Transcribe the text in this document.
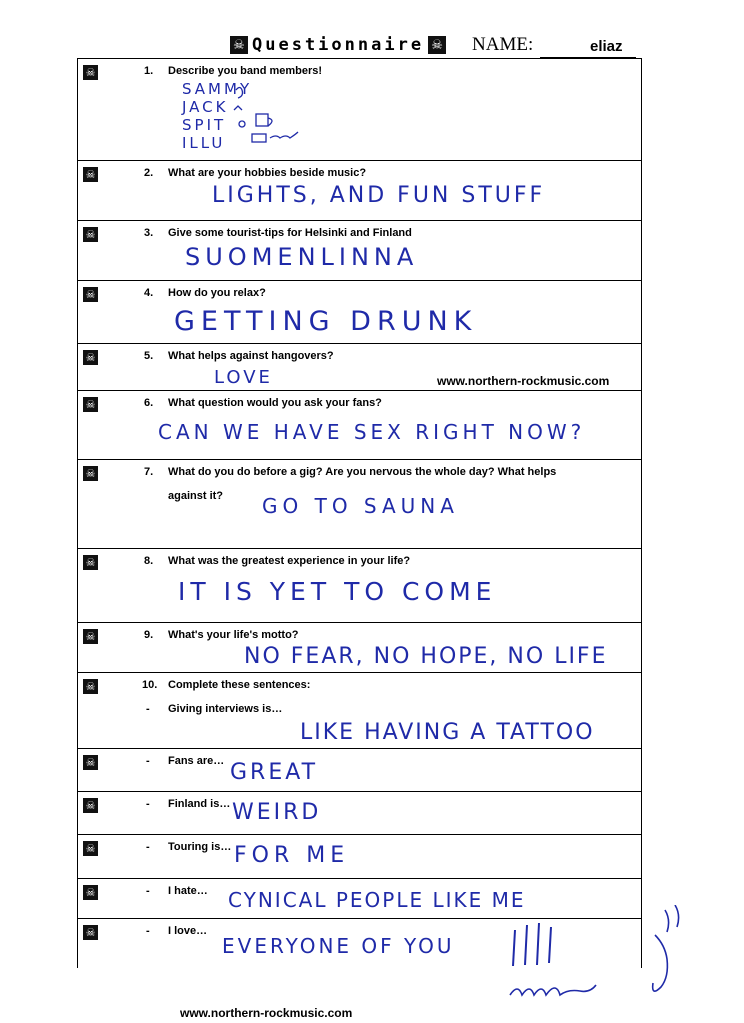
☠ Questionnaire ☠ NAME:	eliaz
☠
☠
☠
☠
☠
☠
☠
☠
☠
☠
☠
☠
☠
☠
☠
1. Describe you band members!
SAMMY
JACK
SPIT
ILLU
2. What are your hobbies beside music?
LIGHTS, AND FUN STUFF
3. Give some tourist-tips for Helsinki and Finland
SUOMENLINNA
4. How do you relax?
GETTING DRUNK
5. What helps against hangovers?
LOVE	www.northern-rockmusic.com
6. What question would you ask your fans?
CAN WE HAVE SEX RIGHT NOW?
7. What do you do before a gig? Are you nervous the whole day? What helps
against it? GO TO SAUNA
8. What was the greatest experience in your life?
IT IS YET TO COME
9. What's your life's motto?
NO FEAR, NO HOPE, NO LIFE
10. Complete these sentences:
- Giving interviews is…
LIKE HAVING A TATTOO
- Fans are… GREAT
- Finland is… WEIRD
- Touring is… FOR ME
- I hate… CYNICAL PEOPLE LIKE ME
- I love…
EVERYONE OF YOU
www.northern-rockmusic.com
